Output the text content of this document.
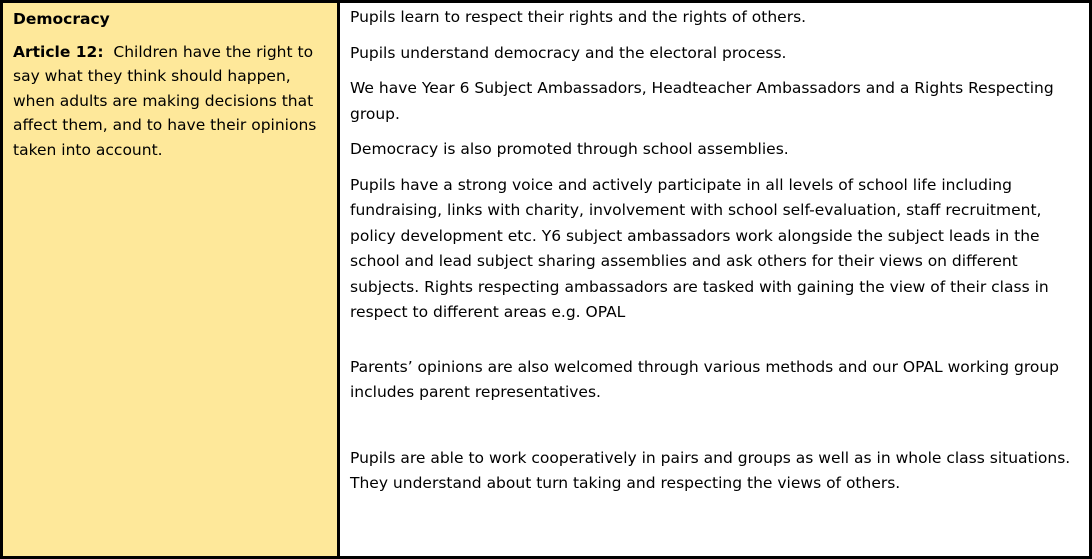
Democracy

Article 12: Children have the right to say what they think should happen, when adults are making decisions that affect them, and to have their opinions taken into account.

Pupils learn to respect their rights and the rights of others.

Pupils understand democracy and the electoral process.

We have Year 6 Subject Ambassadors, Headteacher Ambassadors and a Rights Respecting group.

Democracy is also promoted through school assemblies.

Pupils have a strong voice and actively participate in all levels of school life including fundraising, links with charity, involvement with school self-evaluation, staff recruitment, policy development etc. Y6 subject ambassadors work alongside the subject leads in the school and lead subject sharing assemblies and ask others for their views on different subjects. Rights respecting ambassadors are tasked with gaining the view of their class in respect to different areas e.g. OPAL

Parents’ opinions are also welcomed through various methods and our OPAL working group includes parent representatives.

Pupils are able to work cooperatively in pairs and groups as well as in whole class situations. They understand about turn taking and respecting the views of others.
